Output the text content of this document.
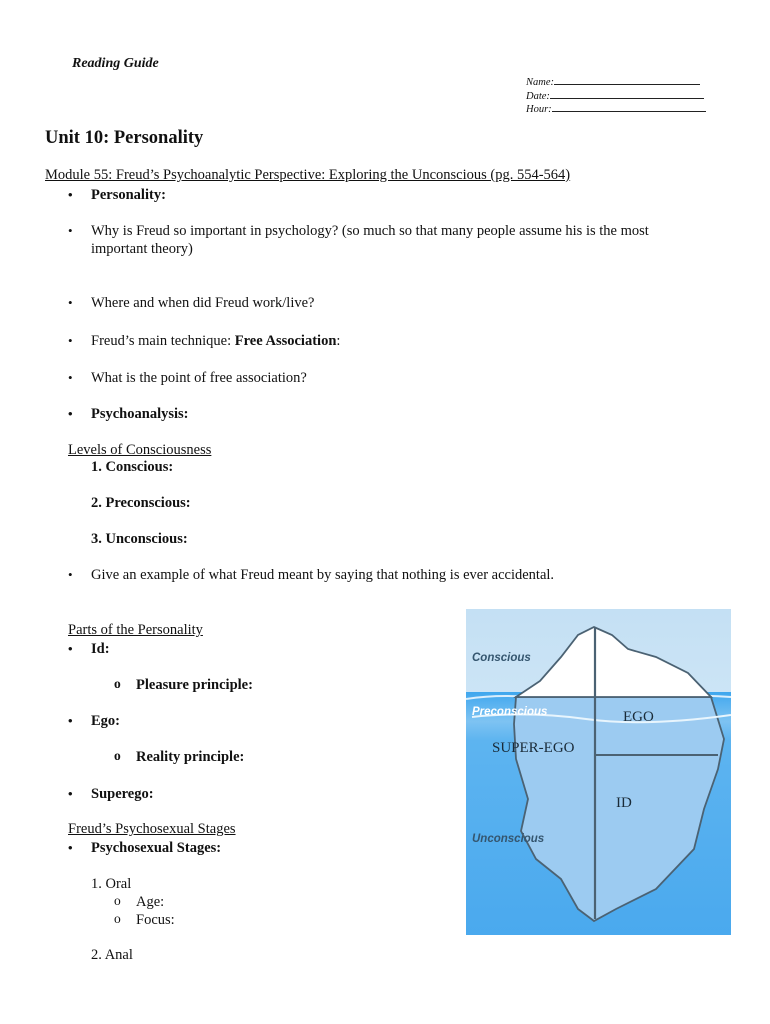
Reading Guide
Name:
Date:
Hour:
Unit 10: Personality
Module 55: Freud’s Psychoanalytic Perspective: Exploring the Unconscious (pg. 554-564)
• Personality:
• Why is Freud so important in psychology? (so much so that many people assume his is the most important theory)
• Where and when did Freud work/live?
• Freud’s main technique: Free Association:
• What is the point of free association?
• Psychoanalysis:
Levels of Consciousness
1. Conscious:
2. Preconscious:
3. Unconscious:
• Give an example of what Freud meant by saying that nothing is ever accidental.
Parts of the Personality
• Id:
o Pleasure principle:
• Ego:
o Reality principle:
• Superego:
Freud’s Psychosexual Stages
• Psychosexual Stages:
1. Oral
o Age:
o Focus:
2. Anal
Conscious
Preconscious
Unconscious
EGO
SUPER-EGO
ID
